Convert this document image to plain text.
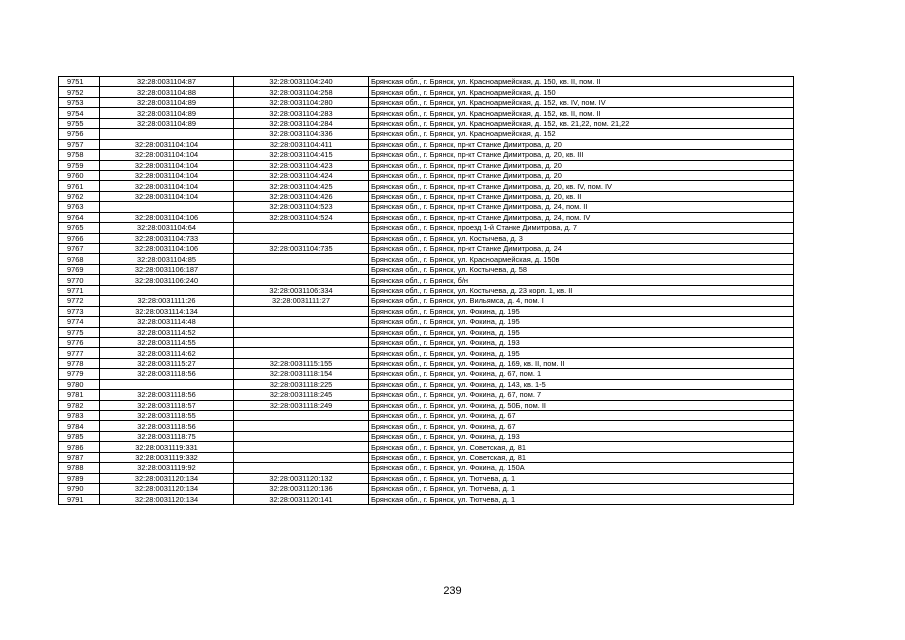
9751	32:28:0031104:87	32:28:0031104:240	Брянская обл., г. Брянск, ул. Красноармейская, д. 150, кв. II, пом. II
9752	32:28:0031104:88	32:28:0031104:258	Брянская обл., г. Брянск, ул. Красноармейская, д. 150
9753	32:28:0031104:89	32:28:0031104:280	Брянская обл., г. Брянск, ул. Красноармейская, д. 152, кв. IV, пом. IV
9754	32:28:0031104:89	32:28:0031104:283	Брянская обл., г. Брянск, ул. Красноармейская, д. 152, кв. II, пом. II
9755	32:28:0031104:89	32:28:0031104:284	Брянская обл., г. Брянск, ул. Красноармейская, д. 152, кв. 21,22, пом. 21,22
9756		32:28:0031104:336	Брянская обл., г. Брянск, ул. Красноармейская, д. 152
9757	32:28:0031104:104	32:28:0031104:411	Брянская обл., г. Брянск, пр-кт Станке Димитрова, д. 20
9758	32:28:0031104:104	32:28:0031104:415	Брянская обл., г. Брянск, пр-кт Станке Димитрова, д. 20, кв. III
9759	32:28:0031104:104	32:28:0031104:423	Брянская обл., г. Брянск, пр-кт Станке Димитрова, д. 20
9760	32:28:0031104:104	32:28:0031104:424	Брянская обл., г. Брянск, пр-кт Станке Димитрова, д. 20
9761	32:28:0031104:104	32:28:0031104:425	Брянская обл., г. Брянск, пр-кт Станке Димитрова, д. 20, кв. IV, пом. IV
9762	32:28:0031104:104	32:28:0031104:426	Брянская обл., г. Брянск, пр-кт Станке Димитрова, д. 20, кв. II
9763		32:28:0031104:523	Брянская обл., г. Брянск, пр-кт Станке Димитрова, д. 24, пом. II
9764	32:28:0031104:106	32:28:0031104:524	Брянская обл., г. Брянск, пр-кт Станке Димитрова, д. 24, пом. IV
9765	32:28:0031104:64		Брянская обл., г. Брянск, проезд 1-й Станке Димитрова, д. 7
9766	32:28:0031104:733		Брянская обл., г. Брянск, ул. Костычева, д. 3
9767	32:28:0031104:106	32:28:0031104:735	Брянская обл., г. Брянск, пр-кт Станке Димитрова, д. 24
9768	32:28:0031104:85		Брянская обл., г. Брянск, ул. Красноармейская, д. 150в
9769	32:28:0031106:187		Брянская обл., г. Брянск, ул. Костычева, д. 58
9770	32:28:0031106:240		Брянская обл., г. Брянск, б/н
9771		32:28:0031106:334	Брянская обл., г. Брянск, ул. Костычева, д. 23 корп. 1, кв. II
9772	32:28:0031111:26	32:28:0031111:27	Брянская обл., г. Брянск, ул. Вильямса, д. 4, пом. I
9773	32:28:0031114:134		Брянская обл., г. Брянск, ул. Фокина, д. 195
9774	32:28:0031114:48		Брянская обл., г. Брянск, ул. Фокина, д. 195
9775	32:28:0031114:52		Брянская обл., г. Брянск, ул. Фокина, д. 195
9776	32:28:0031114:55		Брянская обл., г. Брянск, ул. Фокина, д. 193
9777	32:28:0031114:62		Брянская обл., г. Брянск, ул. Фокина, д. 195
9778	32:28:0031115:27	32:28:0031115:155	Брянская обл., г. Брянск, ул. Фокина, д. 169, кв. II, пом. II
9779	32:28:0031118:56	32:28:0031118:154	Брянская обл., г. Брянск, ул. Фокина, д. 67, пом. 1
9780		32:28:0031118:225	Брянская обл., г. Брянск, ул. Фокина, д. 143, кв. 1-5
9781	32:28:0031118:56	32:28:0031118:245	Брянская обл., г. Брянск, ул. Фокина, д. 67, пом. 7
9782	32:28:0031118:57	32:28:0031118:249	Брянская обл., г. Брянск, ул. Фокина, д. 50Б, пом. II
9783	32:28:0031118:55		Брянская обл., г. Брянск, ул. Фокина, д. 67
9784	32:28:0031118:56		Брянская обл., г. Брянск, ул. Фокина, д. 67
9785	32:28:0031118:75		Брянская обл., г. Брянск, ул. Фокина, д. 193
9786	32:28:0031119:331		Брянская обл., г. Брянск, ул. Советская, д. 81
9787	32:28:0031119:332		Брянская обл., г. Брянск, ул. Советская, д. 81
9788	32:28:0031119:92		Брянская обл., г. Брянск, ул. Фокина, д. 150А
9789	32:28:0031120:134	32:28:0031120:132	Брянская обл., г. Брянск, ул. Тютчева, д. 1
9790	32:28:0031120:134	32:28:0031120:136	Брянская обл., г. Брянск, ул. Тютчева, д. 1
9791	32:28:0031120:134	32:28:0031120:141	Брянская обл., г. Брянск, ул. Тютчева, д. 1
239
